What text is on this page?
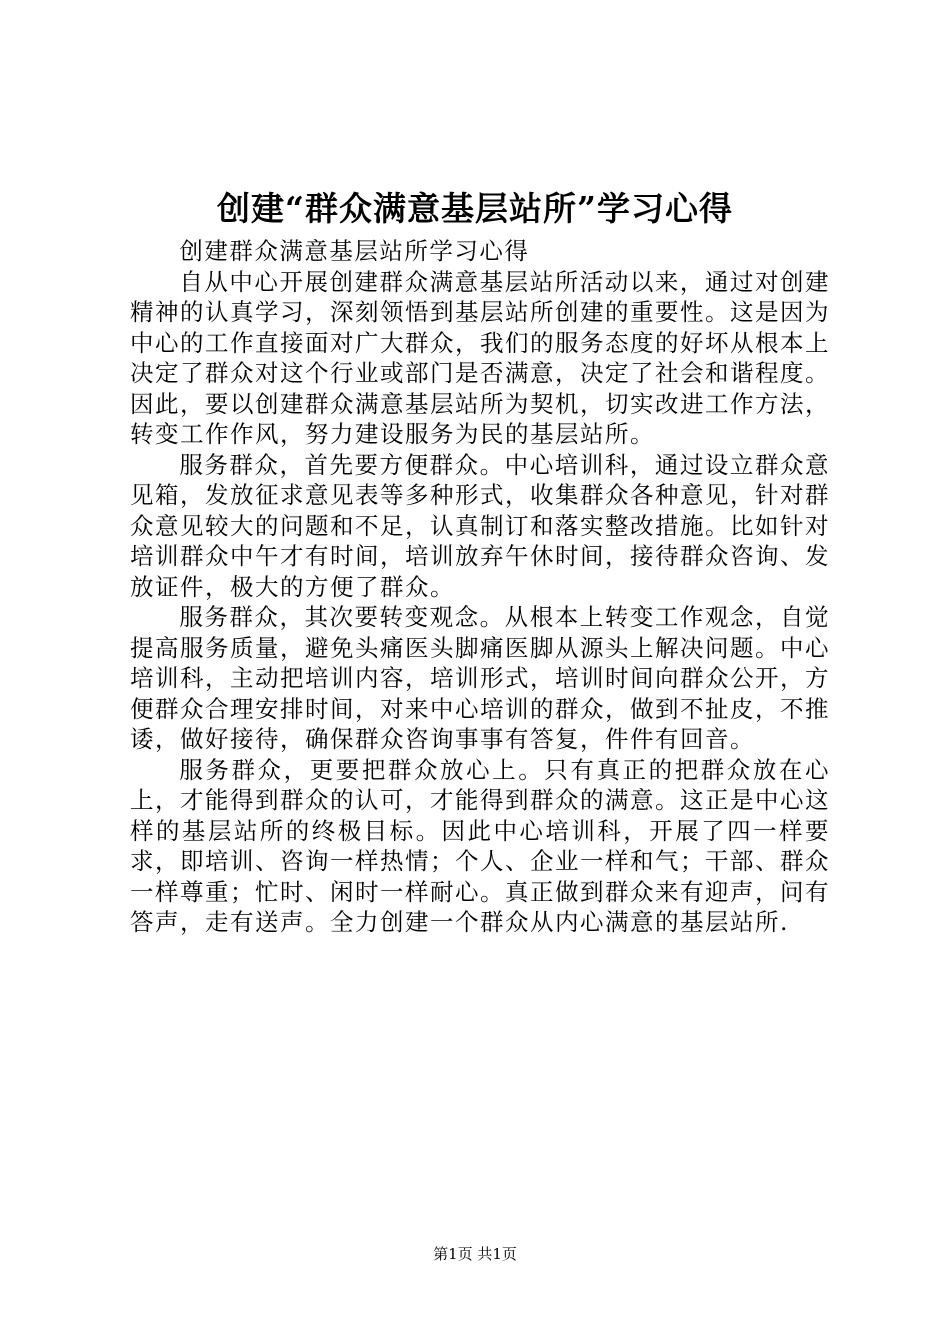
创建“群众满意基层站所”学习心得

创建群众满意基层站所学习心得

自从中心开展创建群众满意基层站所活动以来，通过对创建精神的认真学习，深刻领悟到基层站所创建的重要性。这是因为中心的工作直接面对广大群众，我们的服务态度的好坏从根本上决定了群众对这个行业或部门是否满意，决定了社会和谐程度。因此，要以创建群众满意基层站所为契机，切实改进工作方法，转变工作作风，努力建设服务为民的基层站所。

服务群众，首先要方便群众。中心培训科，通过设立群众意见箱，发放征求意见表等多种形式，收集群众各种意见，针对群众意见较大的问题和不足，认真制订和落实整改措施。比如针对培训群众中午才有时间，培训放弃午休时间，接待群众咨询、发放证件，极大的方便了群众。

服务群众，其次要转变观念。从根本上转变工作观念，自觉提高服务质量，避免头痛医头脚痛医脚从源头上解决问题。中心培训科，主动把培训内容，培训形式，培训时间向群众公开，方便群众合理安排时间，对来中心培训的群众，做到不扯皮，不推诿，做好接待，确保群众咨询事事有答复，件件有回音。

服务群众，更要把群众放心上。只有真正的把群众放在心上，才能得到群众的认可，才能得到群众的满意。这正是中心这样的基层站所的终极目标。因此中心培训科，开展了四一样要求，即培训、咨询一样热情；个人、企业一样和气；干部、群众一样尊重；忙时、闲时一样耐心。真正做到群众来有迎声，问有答声，走有送声。全力创建一个群众从内心满意的基层站所.

第1页 共1页
